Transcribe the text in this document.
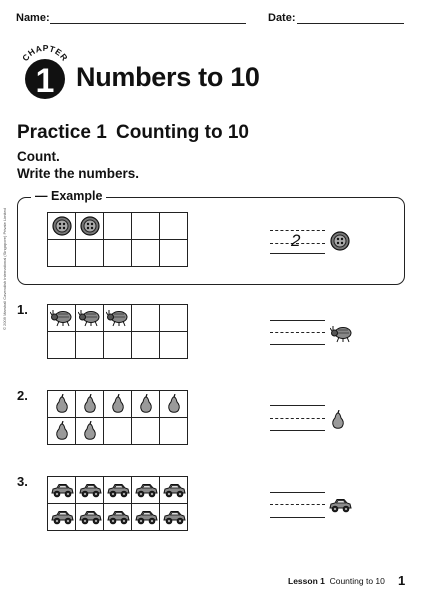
Name:	Date:
CHAPTER
1 Numbers to 10
Practice 1 Counting to 10
Count.
Write the numbers.
© 2009 Marshall Cavendish International (Singapore) Private Limited
— Example

2
1.

2.

3.

Lesson 1 Counting to 10 1
